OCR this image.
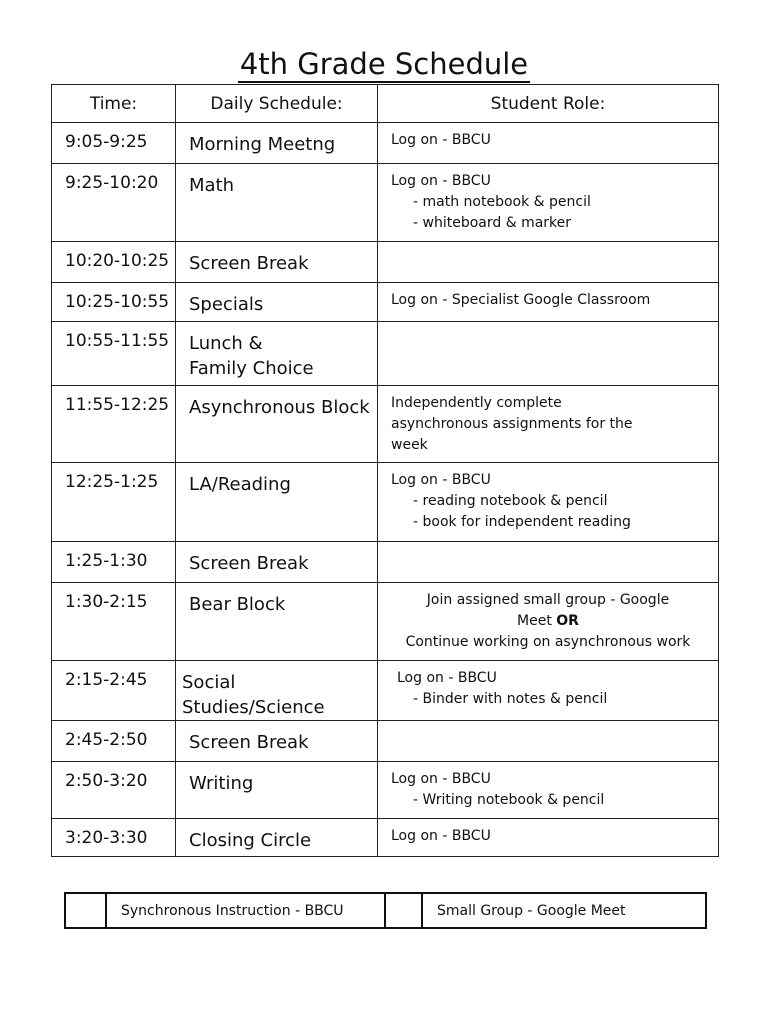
4th Grade Schedule
Time:	Daily Schedule:	Student Role:
9:05-9:25	Morning Meetng	Log on - BBCU

9:25-10:20	Math	Log on - BBCU
- math notebook & pencil
- whiteboard & marker

10:20-10:25	Screen Break	

10:25-10:55	Specials	Log on - Specialist Google Classroom

10:55-11:55	Lunch &
Family Choice	

11:55-12:25	Asynchronous Block	Independently complete
asynchronous assignments for the
week

12:25-1:25	LA/Reading	Log on - BBCU
- reading notebook & pencil
- book for independent reading

1:25-1:30	Screen Break	

1:30-2:15	Bear Block	Join assigned small group - Google
Meet OR
Continue working on asynchronous work

2:15-2:45	Social Studies/Science	Log on - BBCU
- Binder with notes & pencil

2:45-2:50	Screen Break	

2:50-3:20	Writing	Log on - BBCU
- Writing notebook & pencil

3:20-3:30	Closing Circle	Log on - BBCU
	Synchronous Instruction - BBCU		Small Group - Google Meet
